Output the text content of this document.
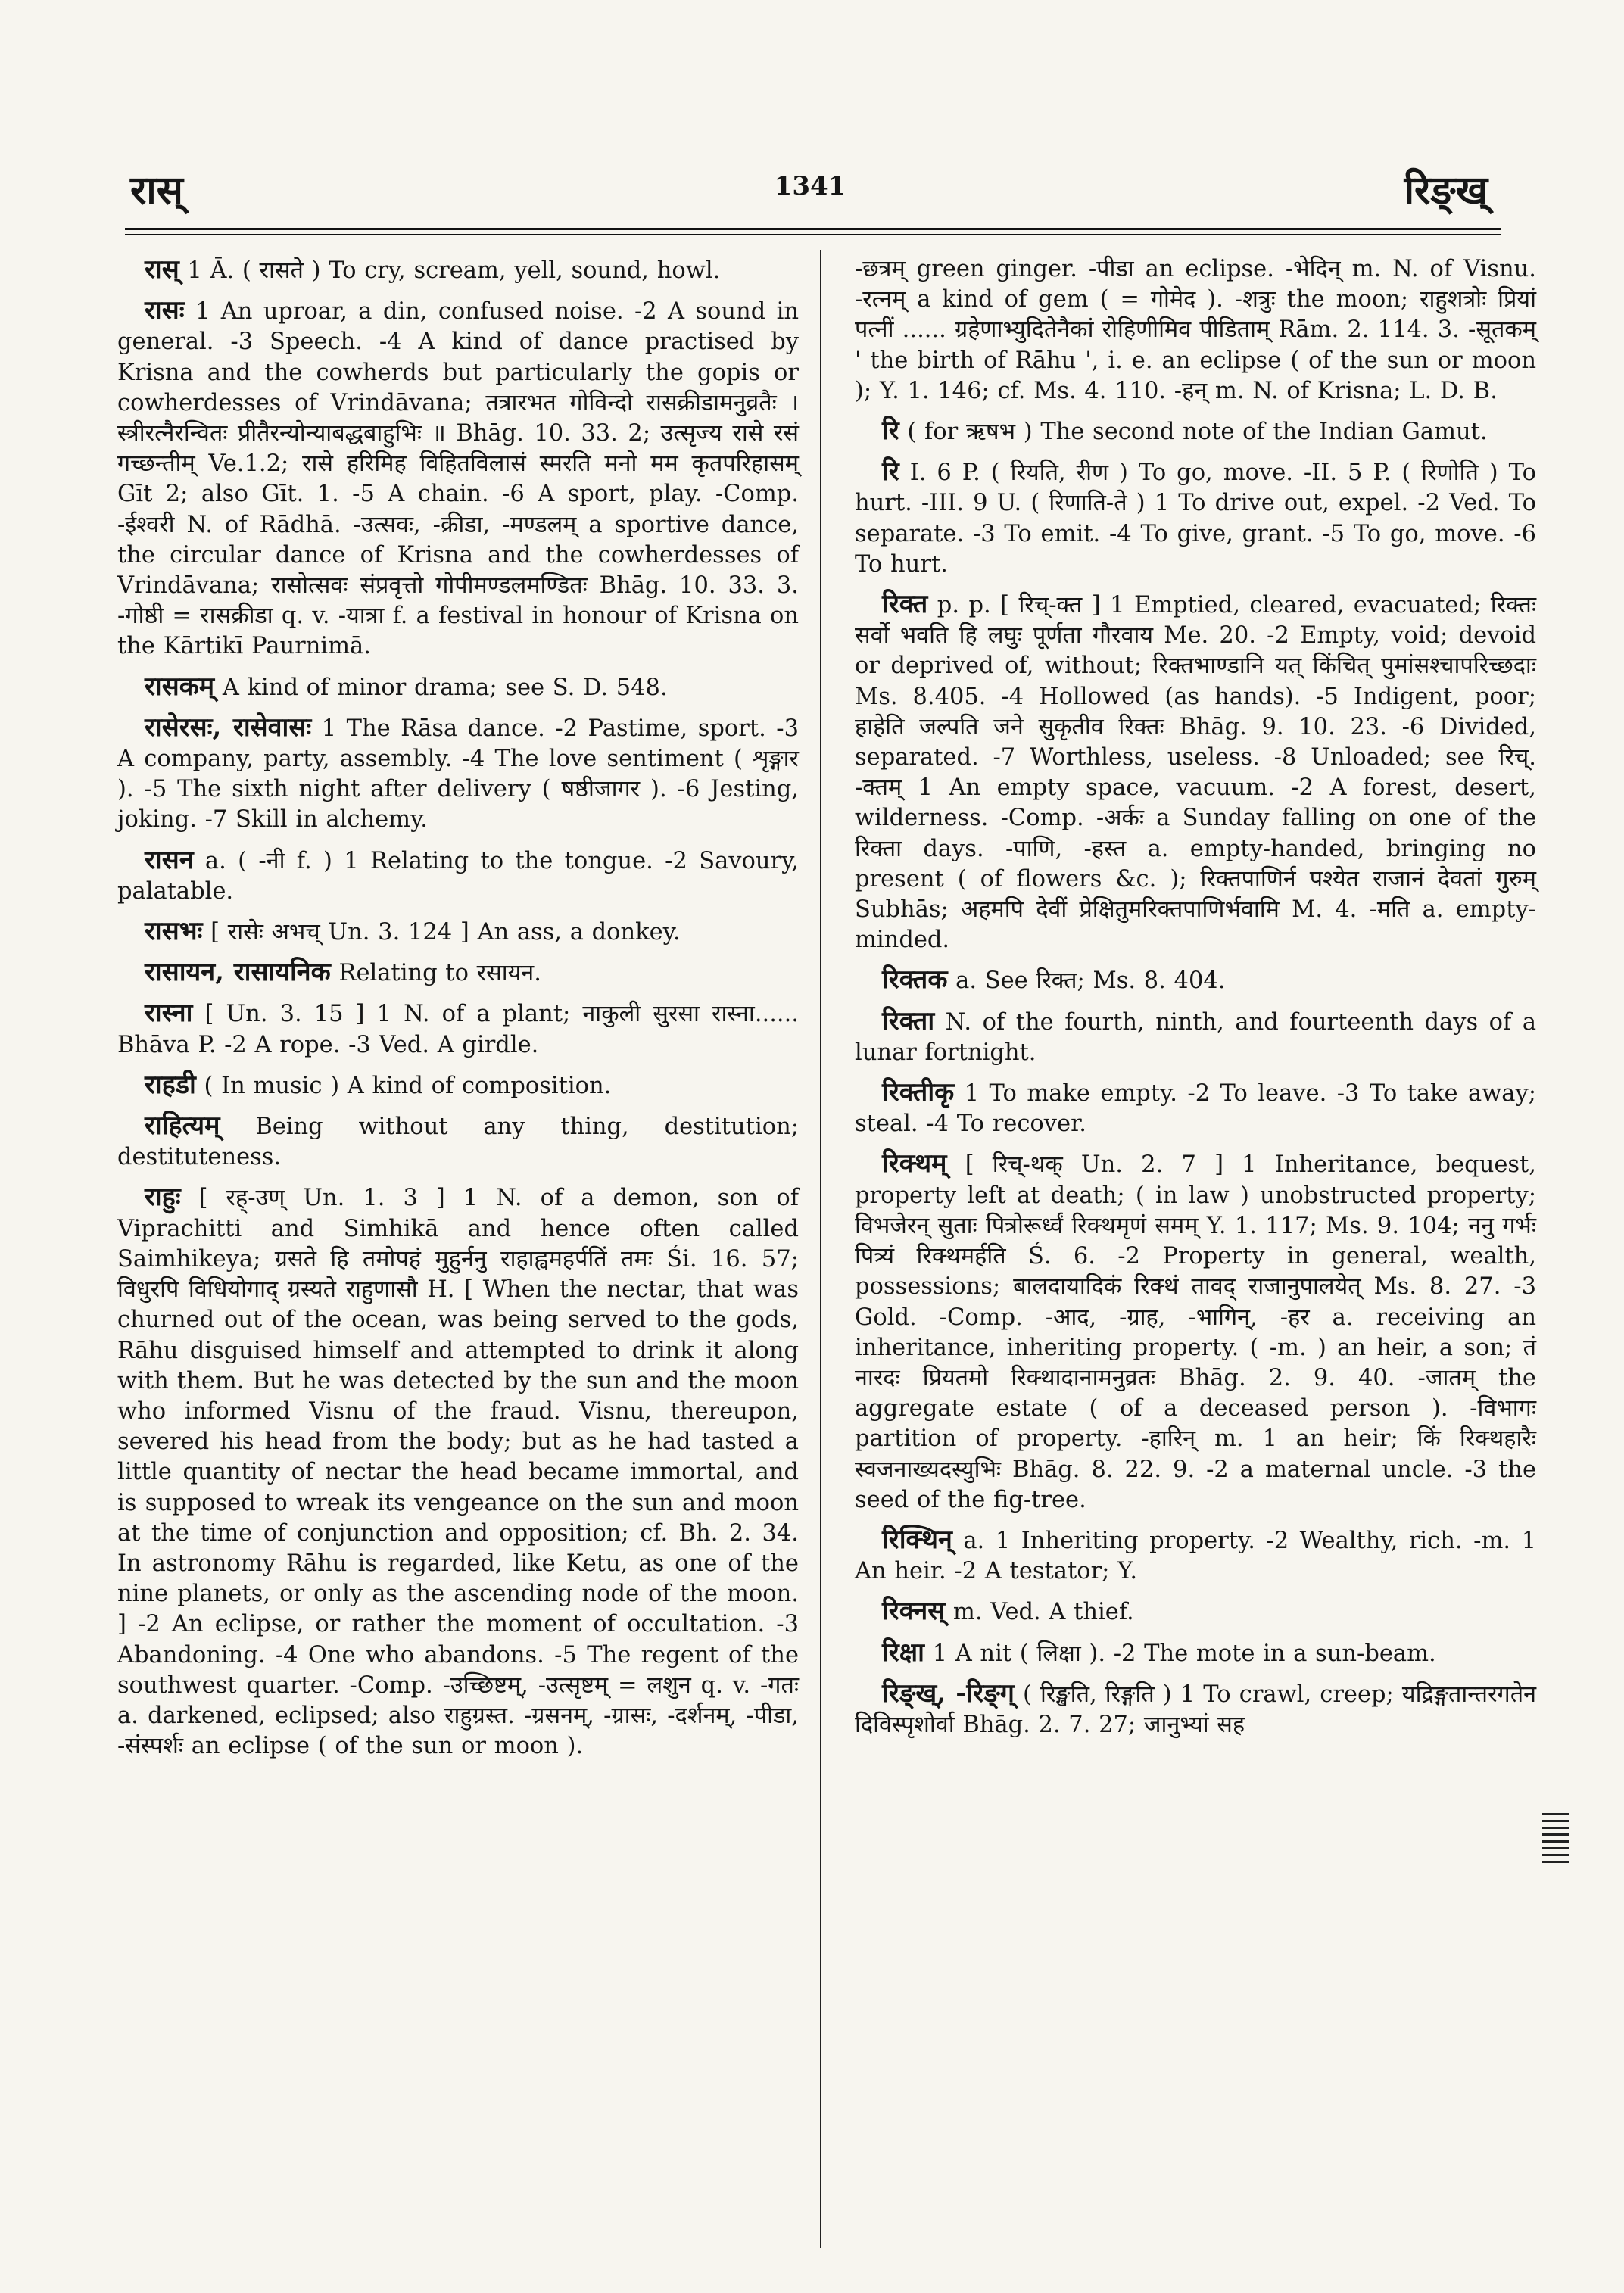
रास्	1341	रिङ्ख्

रास् 1 Ā. ( रासते ) To cry, scream, yell, sound, howl.

रासः 1 An uproar, a din, confused noise. -2 A sound in general. -3 Speech. -4 A kind of dance practised by Krisna and the cowherds but particularly the gopis or cowherdesses of Vrindāvana; तत्रारभत गोविन्दो रासक्रीडामनुव्रतैः । स्त्रीरत्नैरन्वितः प्रीतैरन्योन्याबद्धबाहुभिः ॥ Bhāg. 10. 33. 2; उत्सृज्य रासे रसं गच्छन्तीम् Ve.1.2; रासे हरिमिह विहितविलासं स्मरति मनो मम कृतपरिहासम् Gīt 2; also Gīt. 1. -5 A chain. -6 A sport, play. -Comp. -ईश्वरी N. of Rādhā. -उत्सवः, -क्रीडा, -मण्डलम् a sportive dance, the circular dance of Krisna and the cowherdesses of Vrindāvana; रासोत्सवः संप्रवृत्तो गोपीमण्डलमण्डितः Bhāg. 10. 33. 3. -गोष्ठी = रासक्रीडा q. v. -यात्रा f. a festival in honour of Krisna on the Kārtikī Paurnimā.

रासकम् A kind of minor drama; see S. D. 548.

रासेरसः, रासेवासः 1 The Rāsa dance. -2 Pastime, sport. -3 A company, party, assembly. -4 The love sentiment ( शृङ्गार ). -5 The sixth night after delivery ( षष्ठीजागर ). -6 Jesting, joking. -7 Skill in alchemy.

रासन a. ( -नी f. ) 1 Relating to the tongue. -2 Savoury, palatable.

रासभः [ रासेः अभच् Un. 3. 124 ] An ass, a donkey.

रासायन, रासायनिक Relating to रसायन.

रास्ना [ Un. 3. 15 ] 1 N. of a plant; नाकुली सुरसा रास्ना...... Bhāva P. -2 A rope. -3 Ved. A girdle.

राहडी ( In music ) A kind of composition.

राहित्यम् Being without any thing, destitution; destituteness.

राहुः [ रह्-उण् Un. 1. 3 ] 1 N. of a demon, son of Viprachitti and Simhikā and hence often called Saimhikeya; ग्रसते हि तमोपहं मुहुर्ननु राहाह्वमहर्पतिं तमः Śi. 16. 57; विधुरपि विधियोगाद् ग्रस्यते राहुणासौ H. [ When the nectar, that was churned out of the ocean, was being served to the gods, Rāhu disguised himself and attempted to drink it along with them. But he was detected by the sun and the moon who informed Visnu of the fraud. Visnu, thereupon, severed his head from the body; but as he had tasted a little quantity of nectar the head became immortal, and is supposed to wreak its vengeance on the sun and moon at the time of conjunction and opposition; cf. Bh. 2. 34. In astronomy Rāhu is regarded, like Ketu, as one of the nine planets, or only as the ascending node of the moon. ] -2 An eclipse, or rather the moment of occultation. -3 Abandoning. -4 One who abandons. -5 The regent of the southwest quarter. -Comp. -उच्छिष्टम्, -उत्सृष्टम् = लशुन q. v. -गतः a. darkened, eclipsed; also राहुग्रस्त. -ग्रसनम्, -ग्रासः, -दर्शनम्, -पीडा, -संस्पर्शः an eclipse ( of the sun or moon ).

-छत्रम् green ginger. -पीडा an eclipse. -भेदिन् m. N. of Visnu. -रत्नम् a kind of gem ( = गोमेद ). -शत्रुः the moon; राहुशत्रोः प्रियां पत्नीं ...... ग्रहेणाभ्युदितेनैकां रोहिणीमिव पीडिताम् Rām. 2. 114. 3. -सूतकम् ' the birth of Rāhu ', i. e. an eclipse ( of the sun or moon ); Y. 1. 146; cf. Ms. 4. 110. -हन् m. N. of Krisna; L. D. B.

रि ( for ऋषभ ) The second note of the Indian Gamut.

रि I. 6 P. ( रियति, रीण ) To go, move. -II. 5 P. ( रिणोति ) To hurt. -III. 9 U. ( रिणाति-ते ) 1 To drive out, expel. -2 Ved. To separate. -3 To emit. -4 To give, grant. -5 To go, move. -6 To hurt.

रिक्त p. p. [ रिच्-क्त ] 1 Emptied, cleared, evacuated; रिक्तः सर्वो भवति हि लघुः पूर्णता गौरवाय Me. 20. -2 Empty, void; devoid or deprived of, without; रिक्तभाण्डानि यत् किंचित् पुमांसश्चापरिच्छदाः Ms. 8.405. -4 Hollowed (as hands). -5 Indigent, poor; हाहेति जल्पति जने सुकृतीव रिक्तः Bhāg. 9. 10. 23. -6 Divided, separated. -7 Worthless, useless. -8 Unloaded; see रिच्. -क्तम् 1 An empty space, vacuum. -2 A forest, desert, wilderness. -Comp. -अर्कः a Sunday falling on one of the रिक्ता days. -पाणि, -हस्त a. empty-handed, bringing no present ( of flowers &c. ); रिक्तपाणिर्न पश्येत राजानं देवतां गुरुम् Subhās; अहमपि देवीं प्रेक्षितुमरिक्तपाणिर्भवामि M. 4. -मति a. empty-minded.

रिक्तक a. See रिक्त; Ms. 8. 404.

रिक्ता N. of the fourth, ninth, and fourteenth days of a lunar fortnight.

रिक्तीकृ 1 To make empty. -2 To leave. -3 To take away; steal. -4 To recover.

रिक्थम् [ रिच्-थक् Un. 2. 7 ] 1 Inheritance, bequest, property left at death; ( in law ) unobstructed property; विभजेरन् सुताः पित्रोरूर्ध्वं रिक्थमृणं समम् Y. 1. 117; Ms. 9. 104; ननु गर्भः पित्र्यं रिक्थमर्हति Ś. 6. -2 Property in general, wealth, possessions; बालदायादिकं रिक्थं तावद् राजानुपालयेत् Ms. 8. 27. -3 Gold. -Comp. -आद, -ग्राह, -भागिन्, -हर a. receiving an inheritance, inheriting property. ( -m. ) an heir, a son; तं नारदः प्रियतमो रिक्थादानामनुव्रतः Bhāg. 2. 9. 40. -जातम् the aggregate estate ( of a deceased person ). -विभागः partition of property. -हारिन् m. 1 an heir; किं रिक्थहारैः स्वजनाख्यदस्युभिः Bhāg. 8. 22. 9. -2 a maternal uncle. -3 the seed of the fig-tree.

रिक्थिन् a. 1 Inheriting property. -2 Wealthy, rich. -m. 1 An heir. -2 A testator; Y.

रिक्नस् m. Ved. A thief.

रिक्षा 1 A nit ( लिक्षा ). -2 The mote in a sun-beam.

रिङ्ख्, -रिङ्ग् ( रिङ्खति, रिङ्गति ) 1 To crawl, creep; यद्रिङ्गतान्तरगतेन दिविस्पृशोर्वा Bhāg. 2. 7. 27; जानुभ्यां सह
